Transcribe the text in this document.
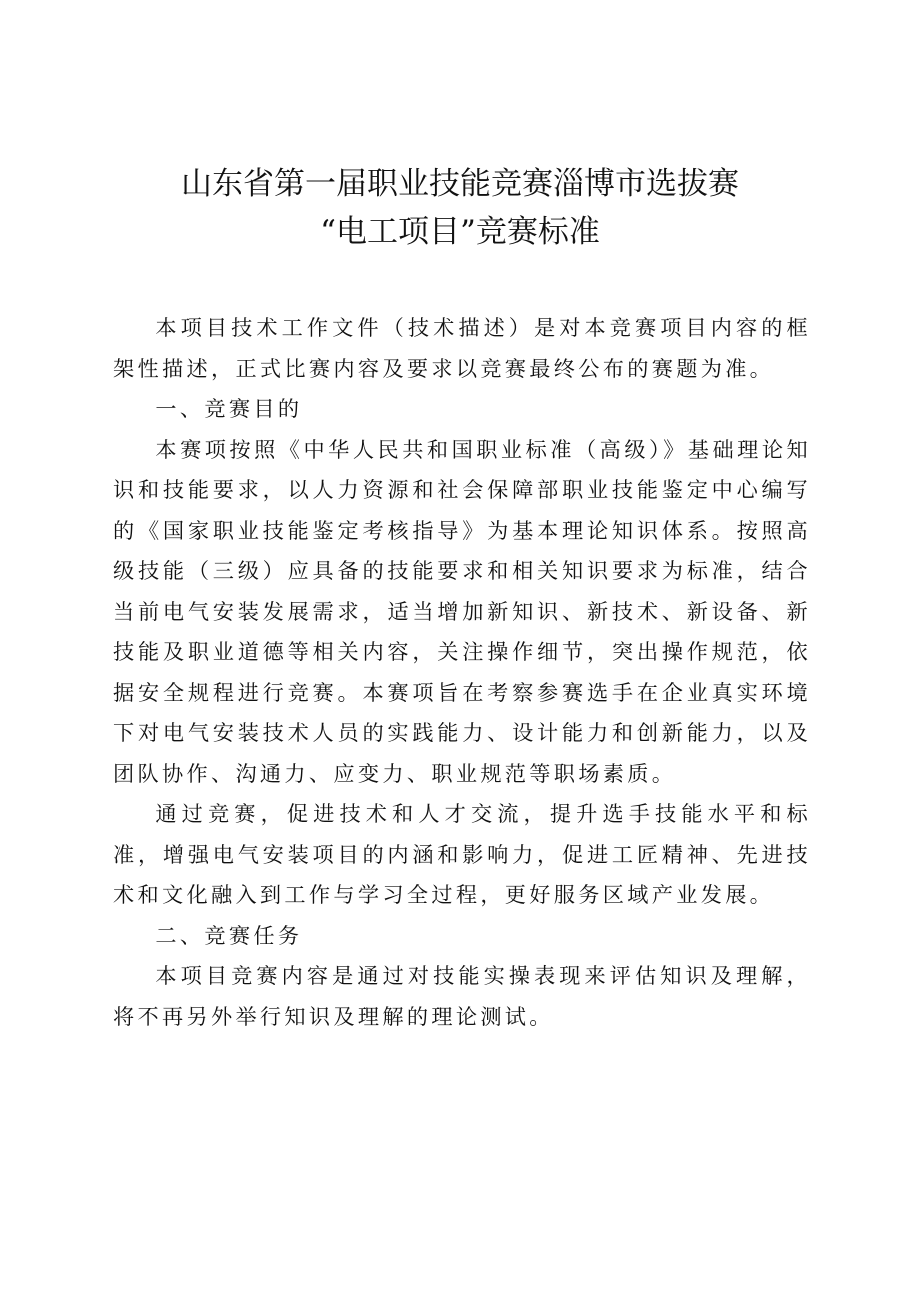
山东省第一届职业技能竞赛淄博市选拔赛
“电工项目”竞赛标准

本项目技术工作文件（技术描述）是对本竞赛项目内容的框架性描述，正式比赛内容及要求以竞赛最终公布的赛题为准。

一、竞赛目的

本赛项按照《中华人民共和国职业标准（高级）》基础理论知识和技能要求，以人力资源和社会保障部职业技能鉴定中心编写的《国家职业技能鉴定考核指导》为基本理论知识体系。按照高级技能（三级）应具备的技能要求和相关知识要求为标准，结合当前电气安装发展需求，适当增加新知识、新技术、新设备、新技能及职业道德等相关内容，关注操作细节，突出操作规范，依据安全规程进行竞赛。本赛项旨在考察参赛选手在企业真实环境下对电气安装技术人员的实践能力、设计能力和创新能力，以及团队协作、沟通力、应变力、职业规范等职场素质。

通过竞赛，促进技术和人才交流，提升选手技能水平和标准，增强电气安装项目的内涵和影响力，促进工匠精神、先进技术和文化融入到工作与学习全过程，更好服务区域产业发展。

二、竞赛任务

本项目竞赛内容是通过对技能实操表现来评估知识及理解，将不再另外举行知识及理解的理论测试。
